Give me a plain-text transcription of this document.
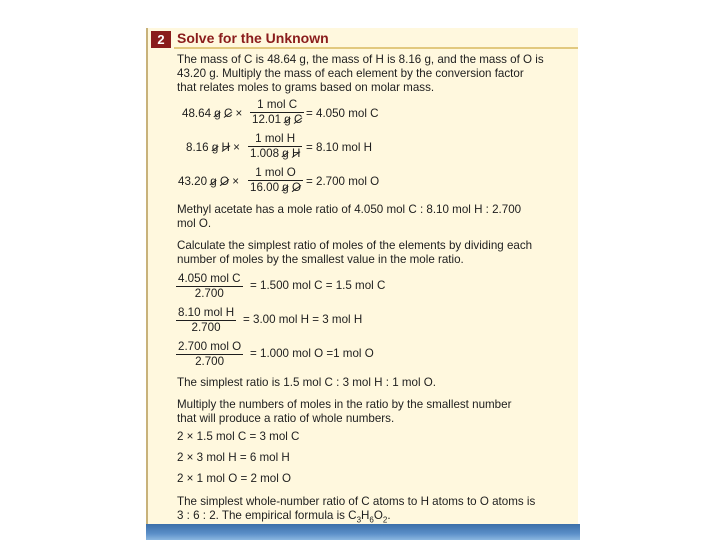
2 Solve for the Unknown
The mass of C is 48.64 g, the mass of H is 8.16 g, and the mass of O is
43.20 g. Multiply the mass of each element by the conversion factor
that relates moles to grams based on molar mass.
48.64 g C ×
1 mol C
12.01 g C = 4.050 mol C
8.16 g H ×
1 mol H
1.008 g H = 8.10 mol H
43.20 g O ×
1 mol O
16.00 g O = 2.700 mol O
Methyl acetate has a mole ratio of 4.050 mol C : 8.10 mol H : 2.700
mol O.
Calculate the simplest ratio of moles of the elements by dividing each
number of moles by the smallest value in the mole ratio.
4.050 mol C
2.700
= 1.500 mol C = 1.5 mol C
8.10 mol H
2.700
= 3.00 mol H = 3 mol H
2.700 mol O
2.700
= 1.000 mol O =1 mol O
The simplest ratio is 1.5 mol C : 3 mol H : 1 mol O.
Multiply the numbers of moles in the ratio by the smallest number
that will produce a ratio of whole numbers.
2 × 1.5 mol C = 3 mol C
2 × 3 mol H = 6 mol H
2 × 1 mol O = 2 mol O
The simplest whole-number ratio of C atoms to H atoms to O atoms is
3 : 6 : 2. The empirical formula is $C_3H_6O_2$.
